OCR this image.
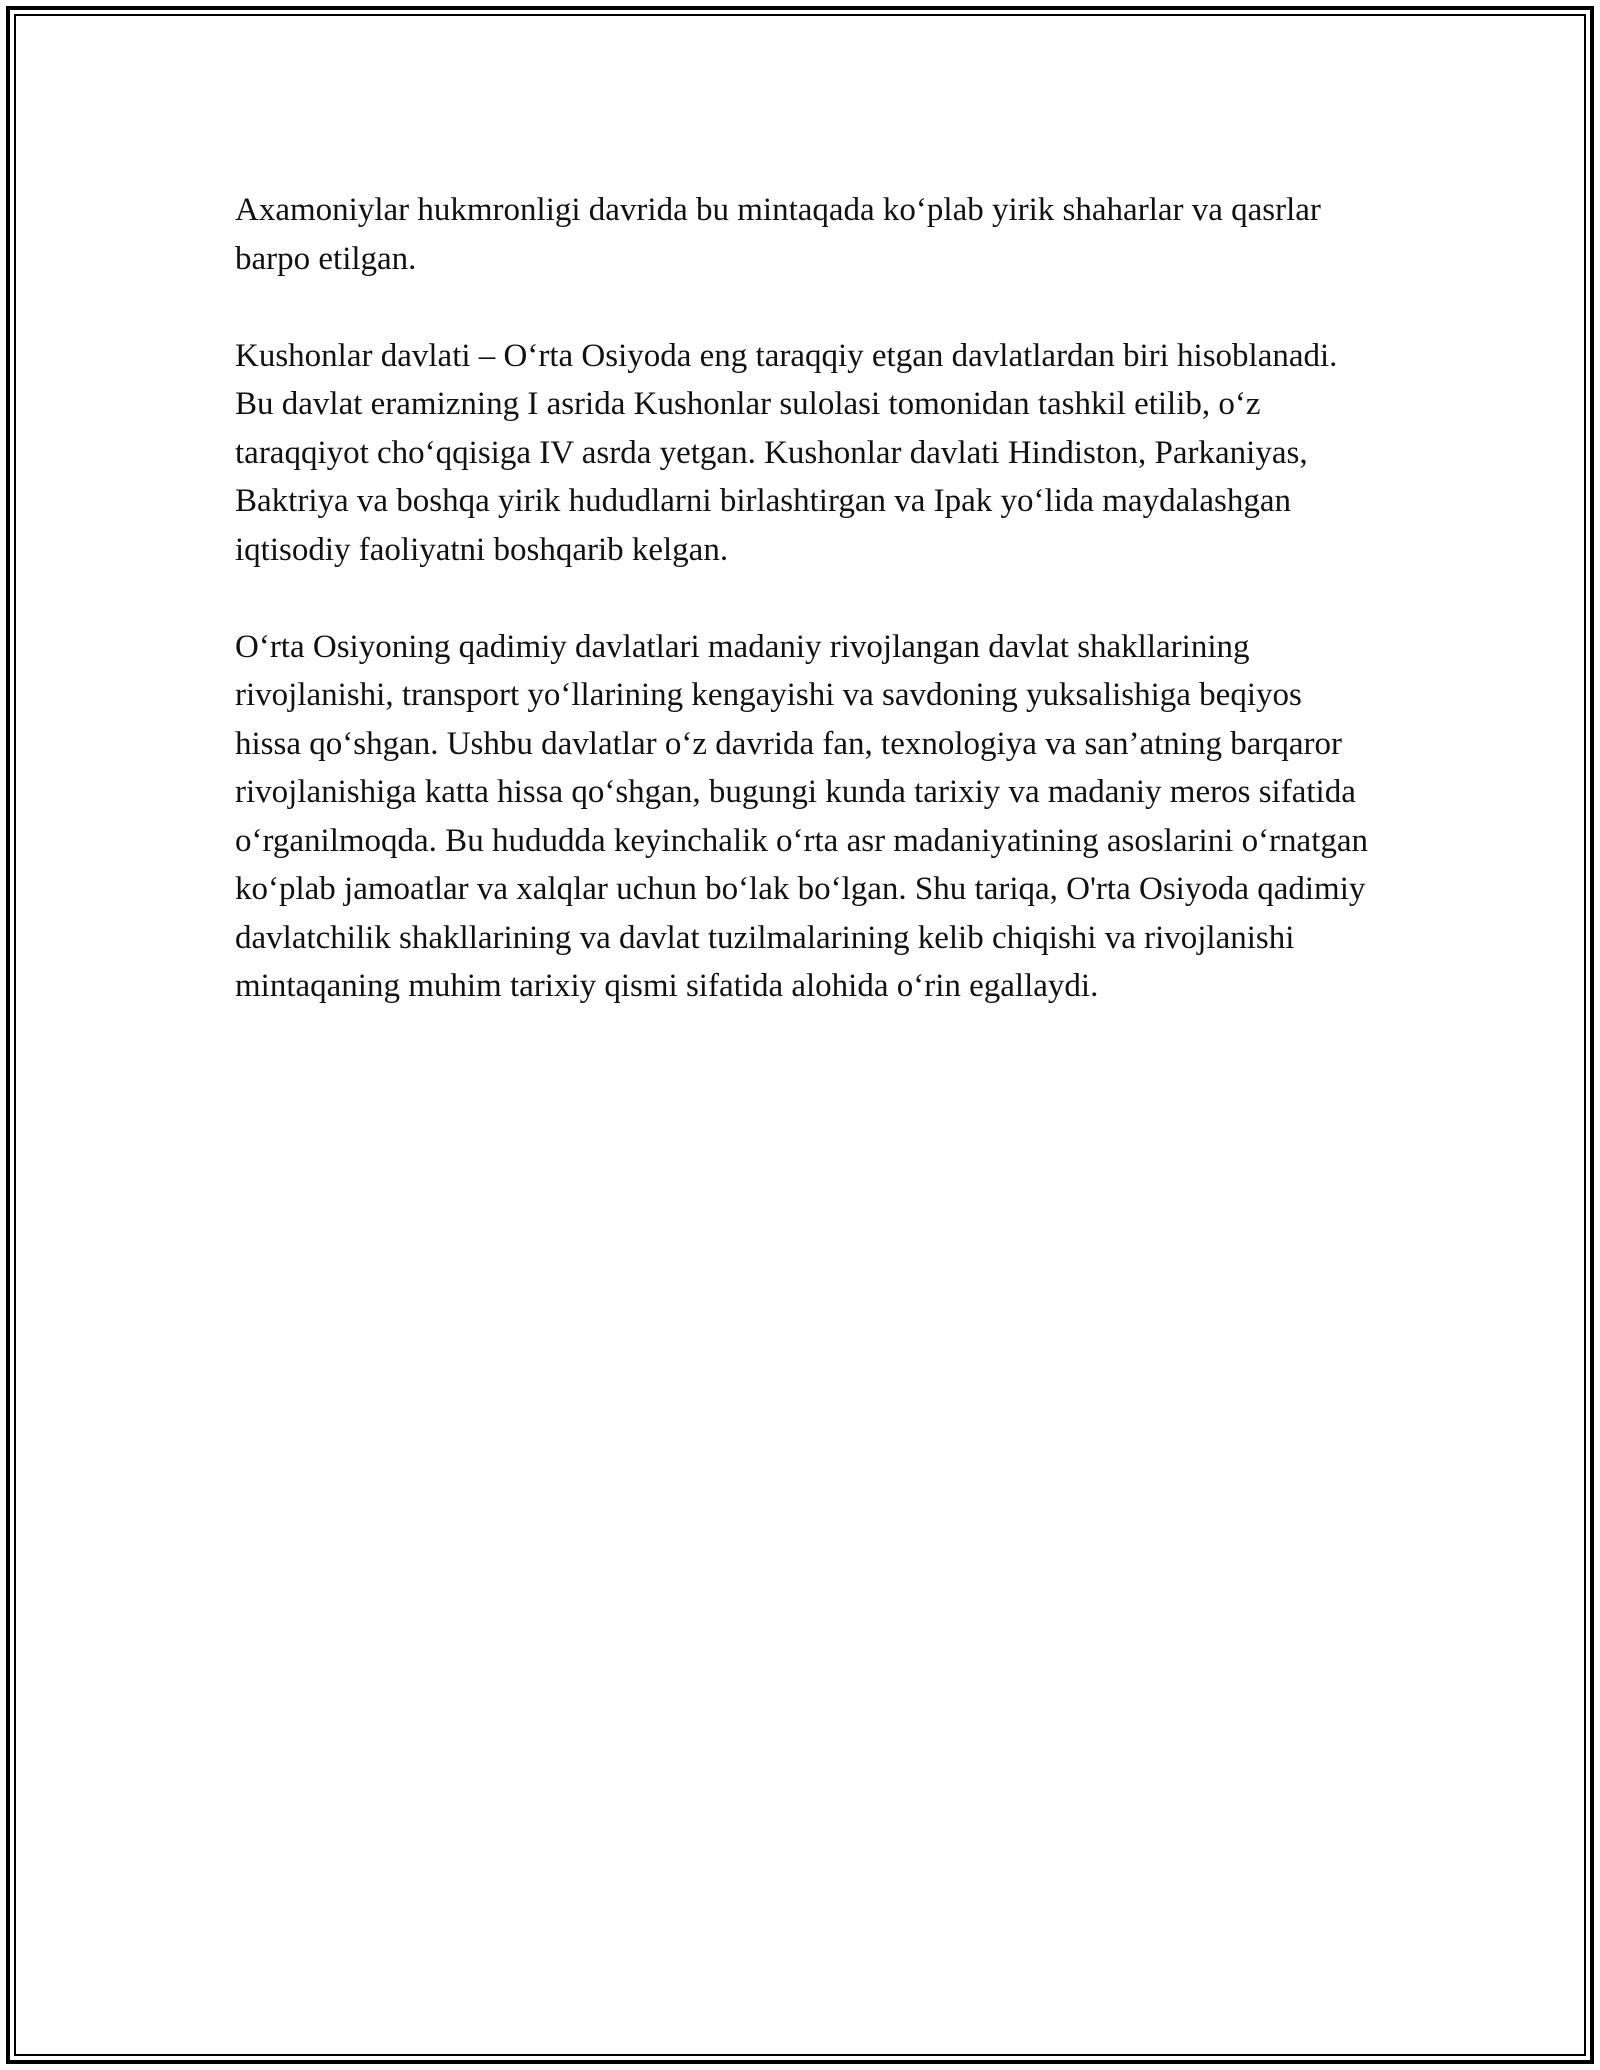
Axamoniylar hukmronligi davrida bu mintaqada ko‘plab yirik shaharlar va qasrlar barpo etilgan.

Kushonlar davlati – O‘rta Osiyoda eng taraqqiy etgan davlatlardan biri hisoblanadi. Bu davlat eramizning I asrida Kushonlar sulolasi tomonidan tashkil etilib, o‘z taraqqiyot cho‘qqisiga IV asrda yetgan. Kushonlar davlati Hindiston, Parkaniyas, Baktriya va boshqa yirik hududlarni birlashtirgan va Ipak yo‘lida maydalashgan iqtisodiy faoliyatni boshqarib kelgan.

O‘rta Osiyoning qadimiy davlatlari madaniy rivojlangan davlat shakllarining rivojlanishi, transport yo‘llarining kengayishi va savdoning yuksalishiga beqiyos hissa qo‘shgan. Ushbu davlatlar o‘z davrida fan, texnologiya va san’atning barqaror rivojlanishiga katta hissa qo‘shgan, bugungi kunda tarixiy va madaniy meros sifatida o‘rganilmoqda. Bu hududda keyinchalik o‘rta asr madaniyatining asoslarini o‘rnatgan ko‘plab jamoatlar va xalqlar uchun bo‘lak bo‘lgan. Shu tariqa, O'rta Osiyoda qadimiy davlatchilik shakllarining va davlat tuzilmalarining kelib chiqishi va rivojlanishi mintaqaning muhim tarixiy qismi sifatida alohida o‘rin egallaydi.
